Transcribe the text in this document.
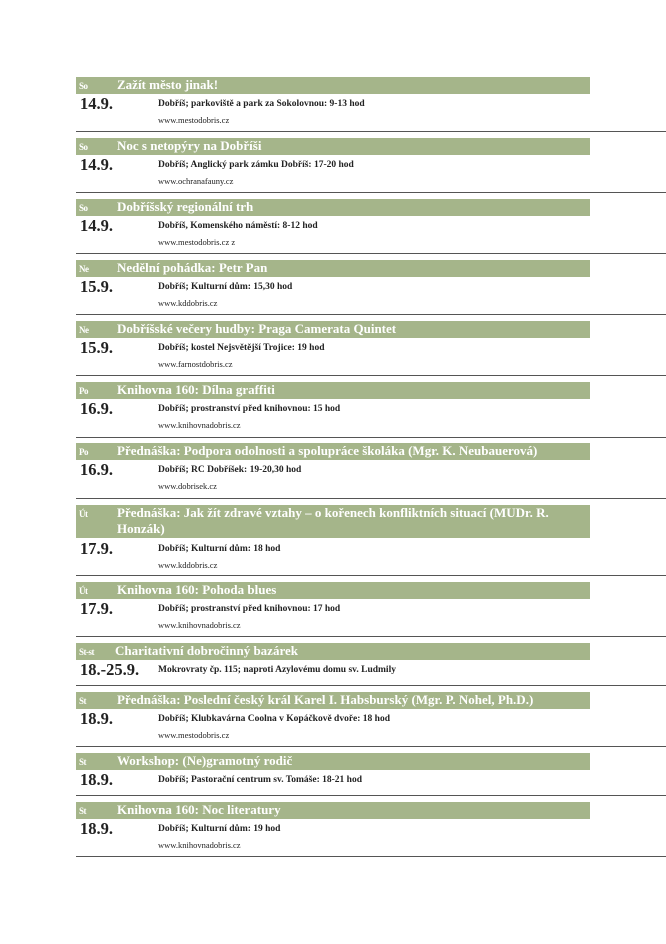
So Zažít město jinak!
14.9.	Dobříš; parkoviště a park za Sokolovnou: 9-13 hod
www.mestodobris.cz
So Noc s netopýry na Dobříši
14.9.	Dobříš; Anglický park zámku Dobříš: 17-20 hod
www.ochranafauny.cz
So Dobříšský regionální trh
14.9.	Dobříš, Komenského náměstí: 8-12 hod
www.mestodobris.cz z
Ne Nedělní pohádka: Petr Pan
15.9.	Dobříš; Kulturní dům: 15,30 hod
www.kddobris.cz
Ne Dobříšské večery hudby: Praga Camerata Quintet
15.9.	Dobříš; kostel Nejsvětější Trojice: 19 hod
www.farnostdobris.cz
Po Knihovna 160: Dílna graffiti
16.9.	Dobříš; prostranství před knihovnou: 15 hod
www.knihovnadobris.cz
Po Přednáška: Podpora odolnosti a spolupráce školáka (Mgr. K. Neubauerová)
16.9.	Dobříš; RC Dobříšek: 19-20,30 hod
www.dobrisek.cz
Út Přednáška: Jak žít zdravé vztahy – o kořenech konfliktních situací (MUDr. R. Honzák)
17.9.	Dobříš; Kulturní dům: 18 hod
www.kddobris.cz
Út Knihovna 160: Pohoda blues
17.9.	Dobříš; prostranství před knihovnou: 17 hod
www.knihovnadobris.cz
St-st Charitativní dobročinný bazárek
18.-25.9. Mokrovraty čp. 115; naproti Azylovému domu sv. Ludmily
St Přednáška: Poslední český král Karel I. Habsburský (Mgr. P. Nohel, Ph.D.)
18.9.	Dobříš; Klubkavárna Coolna v Kopáčkově dvoře: 18 hod
www.mestodobris.cz
St Workshop: (Ne)gramotný rodič
18.9.	Dobříš; Pastorační centrum sv. Tomáše: 18-21 hod
St Knihovna 160: Noc literatury
18.9.	Dobříš; Kulturní dům: 19 hod
www.knihovnadobris.cz
